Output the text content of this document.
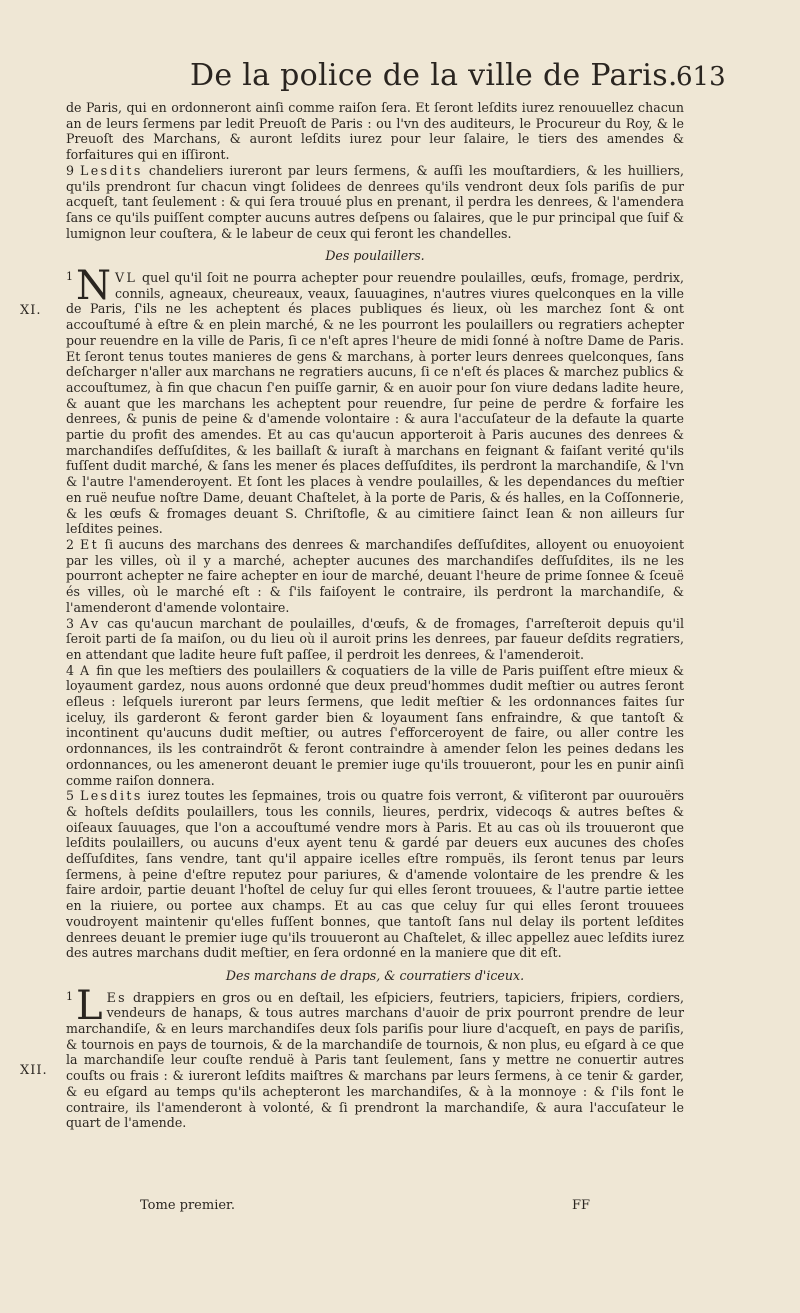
De la police de la ville de Paris.
613
XI.
XII.

de Paris, qui en ordonneront ainſi comme raiſon ſera. Et ſeront leſdits iurez renouuellez chacun an de leurs ſermens par ledit Preuoſt de Paris : ou l'vn des auditeurs, le Procureur du Roy, & le Preuoſt des Marchans, & auront leſdits iurez pour leur ſalaire, le tiers des amendes & forfaitures qui en iſſiront.

9 Lesdits chandeliers iureront par leurs ſermens, & auſſi les mouſtardiers, & les huilliers, qu'ils prendront ſur chacun vingt ſolidees de denrees qu'ils vendront deux ſols pariſis de pur acqueſt, tant ſeulement : & qui ſera trouué plus en prenant, il perdra les denrees, & l'amendera ſans ce qu'ils puiſſent compter aucuns autres deſpens ou ſalaires, que le pur principal que ſuif & lumignon leur couſtera, & le labeur de ceux qui feront les chandelles.

Des poulaillers.

1 N VL quel qu'il ſoit ne pourra achepter pour reuendre poulailles, œufs, fromage, perdrix, connils, agneaux, cheureaux, veaux, ſauuagines, n'autres viures quelconques en la ville de Paris, ſ'ils ne les acheptent és places publiques és lieux, où les marchez ſont & ont accouſtumé à eſtre & en plein marché, & ne les pourront les poulaillers ou regratiers achepter pour reuendre en la ville de Paris, ſi ce n'eſt apres l'heure de midi ſonné à noſtre Dame de Paris. Et ſeront tenus toutes manieres de gens & marchans, à porter leurs denrees quelconques, ſans deſcharger n'aller aux marchans ne regratiers aucuns, ſi ce n'eſt és places & marchez publics & accouſtumez, à fin que chacun ſ'en puiſſe garnir, & en auoir pour ſon viure dedans ladite heure, & auant que les marchans les acheptent pour reuendre, ſur peine de perdre & forfaire les denrees, & punis de peine & d'amende volontaire : & aura l'accuſateur de la defaute la quarte partie du profit des amendes. Et au cas qu'aucun apporteroit à Paris aucunes des denrees & marchandiſes deſſuſdites, & les baillaſt & iuraſt à marchans en feignant & faiſant verité qu'ils fuſſent dudit marché, & ſans les mener és places deſſuſdites, ils perdront la marchandiſe, & l'vn & l'autre l'amenderoyent. Et ſont les places à vendre poulailles, & les dependances du meſtier en ruë neufue noſtre Dame, deuant Chaſtelet, à la porte de Paris, & és halles, en la Coſſonnerie, & les œufs & fromages deuant S. Chriſtofle, & au cimitiere ſainct Iean & non ailleurs ſur leſdites peines.

2 Et ſi aucuns des marchans des denrees & marchandiſes deſſuſdites, alloyent ou enuoyoient par les villes, où il y a marché, achepter aucunes des marchandiſes deſſuſdites, ils ne les pourront achepter ne faire achepter en iour de marché, deuant l'heure de prime ſonnee & ſceuë és villes, où le marché eſt : & ſ'ils faiſoyent le contraire, ils perdront la marchandiſe, & l'amenderont d'amende volontaire.

3 Av cas qu'aucun marchant de poulailles, d'œufs, & de fromages, ſ'arreſteroit depuis qu'il ſeroit parti de ſa maiſon, ou du lieu où il auroit prins les denrees, par faueur deſdits regratiers, en attendant que ladite heure fuſt paſſee, il perdroit les denrees, & l'amenderoit.

4 A fin que les meſtiers des poulaillers & coquatiers de la ville de Paris puiſſent eſtre mieux & loyaument gardez, nous auons ordonné que deux preud'hommes dudit meſtier ou autres ſeront eſleus : leſquels iureront par leurs ſermens, que ledit meſtier & les ordonnances faites ſur iceluy, ils garderont & feront garder bien & loyaument ſans enfraindre, & que tantoſt & incontinent qu'aucuns dudit meſtier, ou autres ſ'efforceroyent de faire, ou aller contre les ordonnances, ils les contraindrõt & feront contraindre à amender ſelon les peines dedans les ordonnances, ou les ameneront deuant le premier iuge qu'ils trouueront, pour les en punir ainſi comme raiſon donnera.

5 Lesdits iurez toutes les ſepmaines, trois ou quatre fois verront, & viſiteront par ouurouërs & hoſtels deſdits poulaillers, tous les connils, lieures, perdrix, videcoqs & autres beſtes & oiſeaux ſauuages, que l'on a accouſtumé vendre mors à Paris. Et au cas où ils trouueront que leſdits poulaillers, ou aucuns d'eux ayent tenu & gardé par deuers eux aucunes des choſes deſſuſdites, ſans vendre, tant qu'il appaire icelles eſtre rompuës, ils ſeront tenus par leurs ſermens, à peine d'eſtre reputez pour pariures, & d'amende volontaire de les prendre & les faire ardoir, partie deuant l'hoſtel de celuy ſur qui elles ſeront trouuees, & l'autre partie iettee en la riuiere, ou portee aux champs. Et au cas que celuy ſur qui elles ſeront trouuees voudroyent maintenir qu'elles fuſſent bonnes, que tantoſt ſans nul delay ils portent leſdites denrees deuant le premier iuge qu'ils trouueront au Chaſtelet, & illec appellez auec leſdits iurez des autres marchans dudit meſtier, en ſera ordonné en la maniere que dit eſt.

Des marchans de draps, & courratiers d'iceux.

1 L Es drappiers en gros ou en deſtail, les eſpiciers, feutriers, tapiciers, fripiers, cordiers, vendeurs de hanaps, & tous autres marchans d'auoir de prix pourront prendre de leur marchandiſe, & en leurs marchandiſes deux ſols pariſis pour liure d'acqueſt, en pays de pariſis, & tournois en pays de tournois, & de la marchandiſe de tournois, & non plus, eu eſgard à ce que la marchandiſe leur couſte renduë à Paris tant ſeulement, ſans y mettre ne conuertir autres couſts ou frais : & iureront leſdits maiſtres & marchans par leurs ſermens, à ce tenir & garder, & eu eſgard au temps qu'ils achepteront les marchandiſes, & à la monnoye : & ſ'ils font le contraire, ils l'amenderont à volonté, & ſi prendront la marchandiſe, & aura l'accuſateur le quart de l'amende.

Tome premier.	FF
